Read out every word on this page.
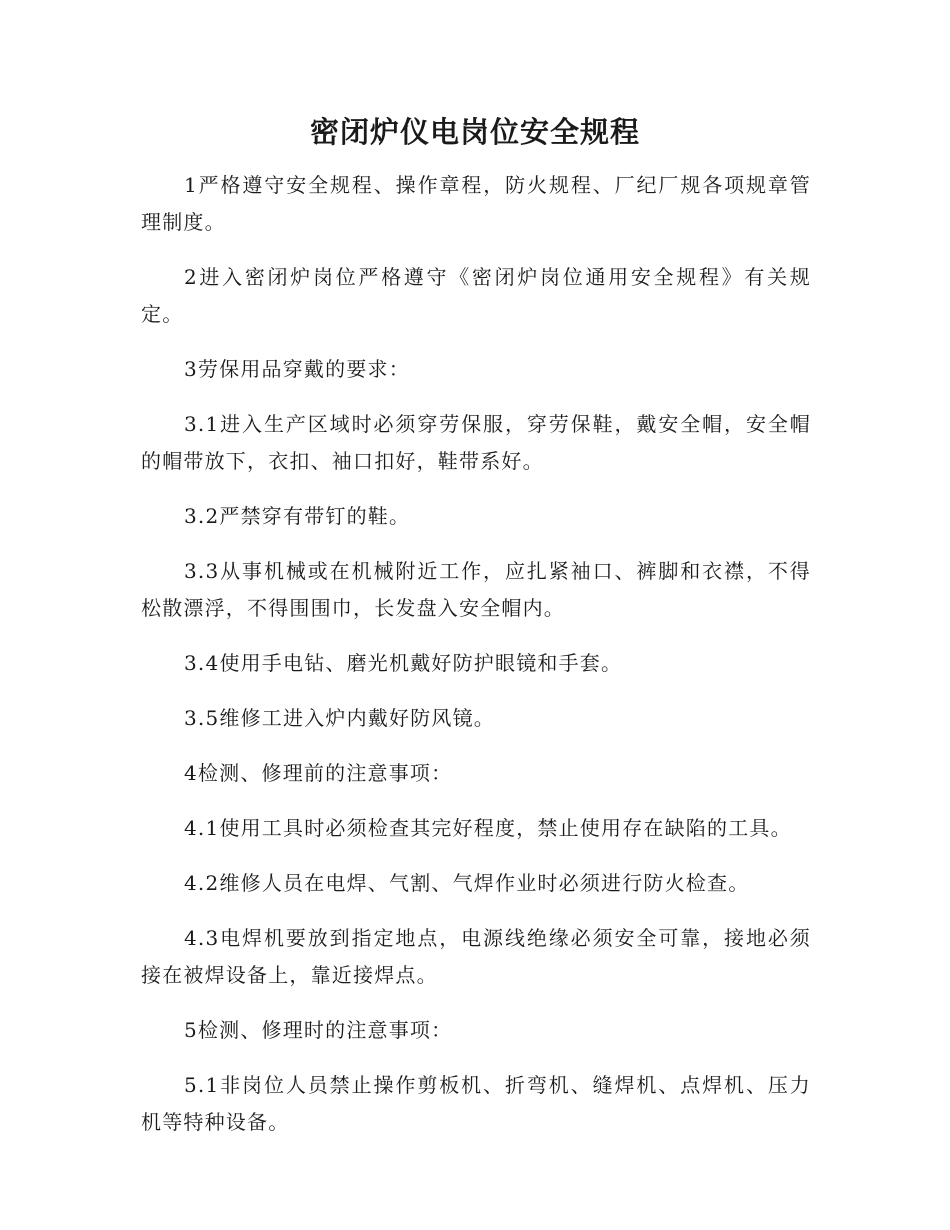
密闭炉仪电岗位安全规程

1严格遵守安全规程、操作章程，防火规程、厂纪厂规各项规章管理制度。

2进入密闭炉岗位严格遵守《密闭炉岗位通用安全规程》有关规定。

3劳保用品穿戴的要求：

3.1进入生产区域时必须穿劳保服，穿劳保鞋，戴安全帽，安全帽的帽带放下，衣扣、袖口扣好，鞋带系好。

3.2严禁穿有带钉的鞋。

3.3从事机械或在机械附近工作，应扎紧袖口、裤脚和衣襟，不得松散漂浮，不得围围巾，长发盘入安全帽内。

3.4使用手电钻、磨光机戴好防护眼镜和手套。

3.5维修工进入炉内戴好防风镜。

4检测、修理前的注意事项：

4.1使用工具时必须检查其完好程度，禁止使用存在缺陷的工具。

4.2维修人员在电焊、气割、气焊作业时必须进行防火检查。

4.3电焊机要放到指定地点，电源线绝缘必须安全可靠，接地必须接在被焊设备上，靠近接焊点。

5检测、修理时的注意事项：

5.1非岗位人员禁止操作剪板机、折弯机、缝焊机、点焊机、压力机等特种设备。
